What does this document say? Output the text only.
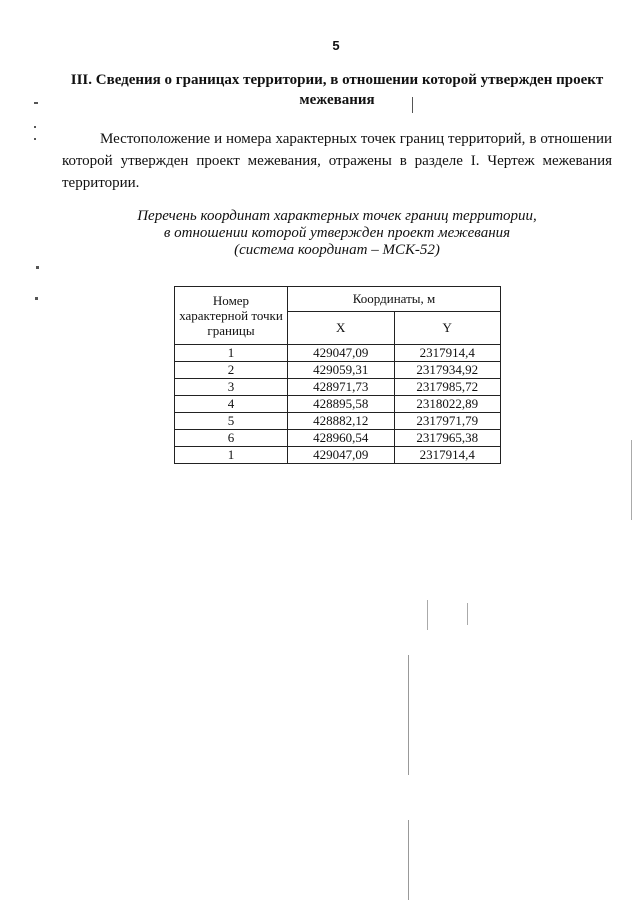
5
III. Сведения о границах территории, в отношении которой утвержден проект межевания
Местоположение и номера характерных точек границ территорий, в отношении которой утвержден проект межевания, отражены в разделе I. Чертеж межевания территории.
Перечень координат характерных точек границ территории,
в отношении которой утвержден проект межевания
(система координат – МСК-52)
Номер характерной точки границы	Координаты, м	
	X	Y
1	429047,09	2317914,4
2	429059,31	2317934,92
3	428971,73	2317985,72
4	428895,58	2318022,89
5	428882,12	2317971,79
6	428960,54	2317965,38
1	429047,09	2317914,4
